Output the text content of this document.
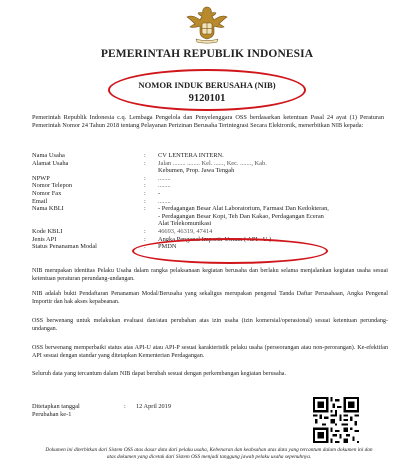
PEMERINTAH REPUBLIK INDONESIA
NOMOR INDUK BERUSAHA (NIB)
9120101
Pemerintah Republik Indonesia c.q. Lembaga Pengelola dan Penyelenggara OSS berdasarkan ketentuan Pasal 24 ayat (1) Peraturan Pemerintah Nomor 24 Tahun 2018 tentang Pelayanan Perizinan Berusaha Terintegrasi Secara Elektronik, menerbitkan NIB kepada:
Nama Usaha	:	CV LENTERA INTERN.
Alamat Usaha	:	Jalan ........ ........ Kel. ......, Kec. ......., Kab.
Kebumen, Prop. Jawa Tengah
NPWP	:	........
Nomor Telepon	:	........
Nomor Fax	:	-
Email	:	........
Nama KBLI	:	- Perdagangan Besar Alat Laboratorium, Farmasi Dan Kedokteran,
- Perdagangan Besar Kopi, Teh Dan Kakao, Perdagangan Eceran
Alat Telekomunikasi
Kode KBLI	:	46693, 46319, 47414
Jenis API	:	Angka Pengenal Importir Umum ( API - U )
Status Penanaman Modal	:	PMDN
NIB merupakan identitas Pelaku Usaha dalam rangka pelaksanaan kegiatan berusaha dan berlaku selama menjalankan kegiatan usaha sesuai ketentuan peraturan perundang-undangan.
NIB adalah bukti Pendaftaran Penanaman Modal/Berusaha yang sekaligus merupakan pengenal Tanda Daftar Perusahaan, Angka Pengenal Importir dan hak akses kepabeanan.
OSS berwenang untuk melakukan evaluasi dan/atau perubahan atas izin usaha (izin komersial/operasional) sesuai ketentuan perundang-undangan.
OSS berwenang memperbaiki status atas API-U atau API-P sesuai karakteristik pelaku usaha (perseorangan atau non-perorangan). Ke-efektifan API sesuai dengan standar yang ditetapkan Kementerian Perdagangan.
Seluruh data yang tercantum dalam NIB dapat berubah sesuai dengan perkembangan kegiatan berusaha.
Ditetapkan tanggal	:	12 April 2019
Perubahan ke-1
Dokumen ini diterbitkan dari Sistem OSS atas dasar data dari pelaku usaha, Kebenaran dan keabsahan atas data yang tercantum dalam dokumen ini dan atas dokumen yang dicetak dari Sistem OSS menjadi tanggung jawab pelaku usaha sepenuhnya.
